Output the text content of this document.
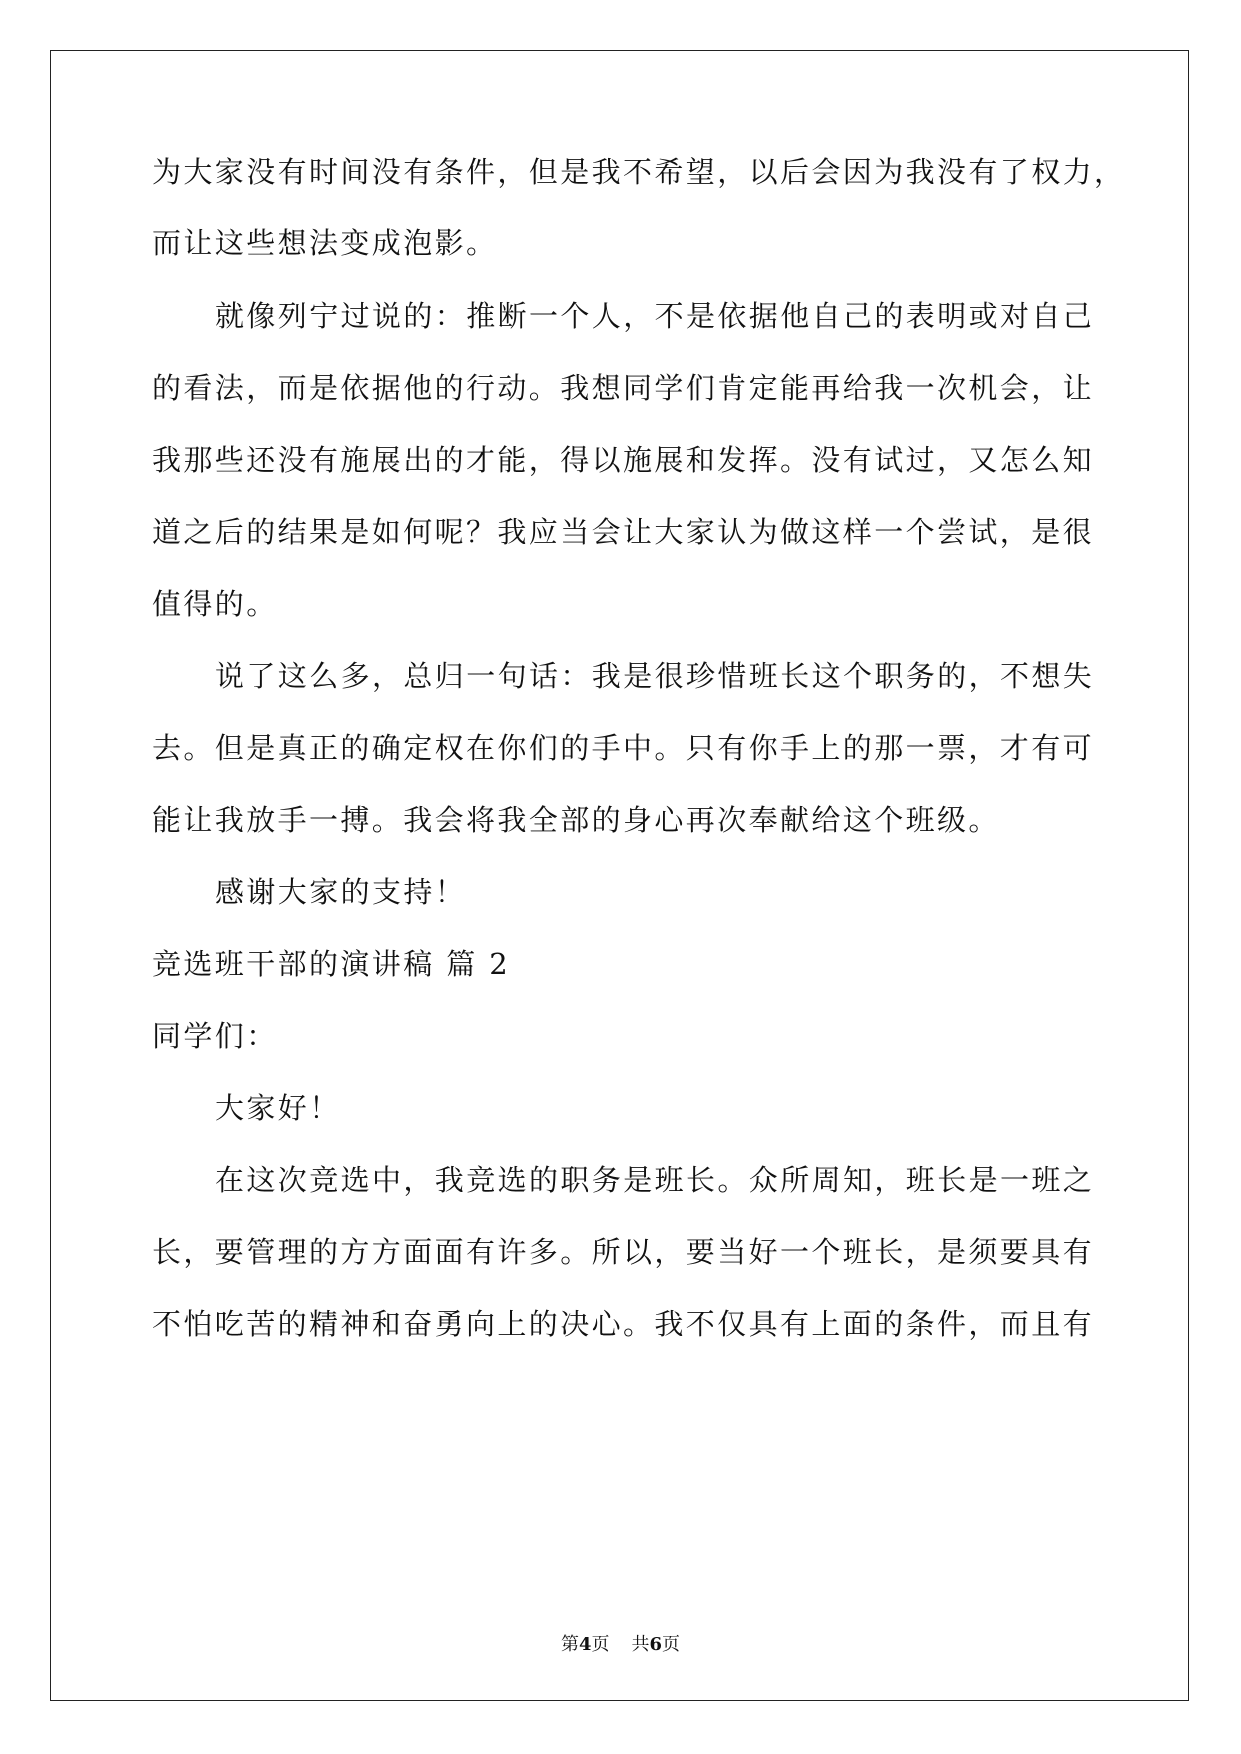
为大家没有时间没有条件，但是我不希望，以后会因为我没有了权力，

而让这些想法变成泡影。

就像列宁过说的：推断一个人，不是依据他自己的表明或对自己

的看法，而是依据他的行动。我想同学们肯定能再给我一次机会，让

我那些还没有施展出的才能，得以施展和发挥。没有试过，又怎么知

道之后的结果是如何呢？我应当会让大家认为做这样一个尝试，是很

值得的。

说了这么多，总归一句话：我是很珍惜班长这个职务的，不想失

去。但是真正的确定权在你们的手中。只有你手上的那一票，才有可

能让我放手一搏。我会将我全部的身心再次奉献给这个班级。

感谢大家的支持！

竞选班干部的演讲稿 篇 2

同学们：

大家好！

在这次竞选中，我竞选的职务是班长。众所周知，班长是一班之

长，要管理的方方面面有许多。所以，要当好一个班长，是须要具有

不怕吃苦的精神和奋勇向上的决心。我不仅具有上面的条件，而且有

第4页 共6页
